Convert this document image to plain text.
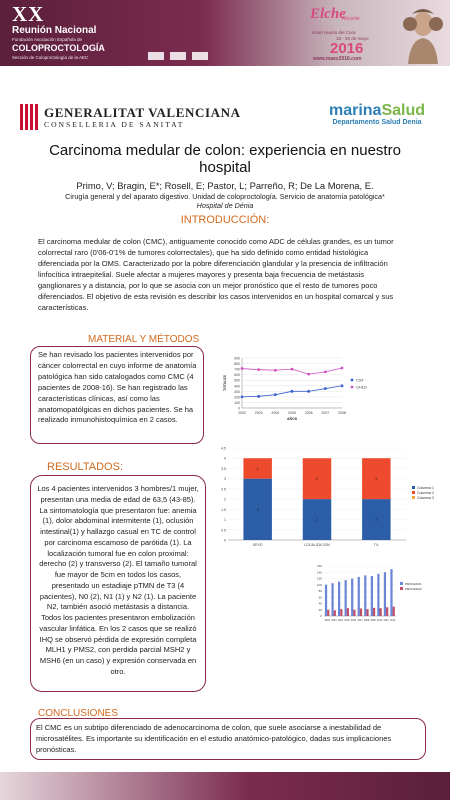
XX
Reunión Nacional
Fundación Asociación Española de
COLOPROCTOLOGÍA
Sección de Coloproctología de la AEC
Elche
Alicante
Hotel Huerto del Cura
18 - 20 de mayo
2016
www.maec2016.com
GENERALITAT VALENCIANA
CONSELLERIA DE SANITAT
marinaSalud
Departamento Salud Denia
Carcinoma medular de colon: experiencia en nuestro hospital
Primo, V; Bragin, E*; Rosell, E; Pastor, L; Parreño, R; De La Morena, E.
Cirugía general y del aparato digestivo. Unidad de coloproctología. Servicio de anatomía patológica*
Hospital de Dénia
INTRODUCCIÓN:
El carcinoma medular de colon (CMC), antiguamente conocido como ADC de células grandes, es un tumor colorrectal raro (0'06-0'1% de tumores colorrectales), que ha sido definido como entidad histológica diferenciada por la OMS. Caracterizado por la pobre diferenciación glandular y la presencia de infiltración linfocítica intraepitelial. Suele afectar a mujeres mayores y presenta baja frecuencia de metástasis ganglionares y a distancia, por lo que se asocia con un mejor pronóstico que el resto de tumores poco diferenciados. El objetivo de esta revisión es describir los casos intervenidos en un hospital comarcal y sus características.
MATERIAL Y MÉTODOS
Se han revisado los pacientes intervenidos por cáncer colorrectal en cuyo informe de anatomía patológica han sido catalogados como CMC (4 pacientes de 2008-16). Se han registrado las características clínicas, así como las anatomopatólgicas en dichos pacientes. Se ha realizado inmunohistoquímica en 2 casos.
0
100
200
300
400
500
600
700
800
900
2002	2003	2004	2005	2006	2007	2008
AÑOS
TOTALES	CST
CHLD
RESULTADOS:
Los 4 pacientes intervenidos 3 hombres/1 mujer, presentan una media de edad de 63,5 (43-85). La sintomatología que presentaron fue: anemia (1), dolor abdominal intermitente (1), oclusión intestinal(1) y hallazgo casual en TC de control por carcinoma escamoso de parótida (1). La localización tumoral fue en colon proximal: derecho (2) y transverso (2). El tamaño tumoral fue mayor de 5cm en todos los casos, presentado un estadiaje pTMN de T3 (4 pacientes), N0 (2), N1 (1) y N2 (1). La paciente N2, también asoció metástasis a distancia. Todos los pacientes presentaron embolización vascular linfática. En los 2 casos que se realizó IHQ se observó pérdida de expresión completa MLH1 y PMS2, con perdida parcial MSH2 y MSH6 (en un caso) y expresión conservada en otro.
0
0.5
1
1.5
2
2.5
3
3.5
4
4.5
3
1
SEXO
2
2
LOCALIZACION
2
2
T/L
Columna 1
Columna 2
Columna 3
0
20
40
60
80
100
120
140
160
2002 2003 2004 2005 2006 2007 2008 2009 2010 2011 2012
PROCESO1
PROCESO2
CONCLUSIONES
El CMC es un subtipo diferenciado de adenocarcinoma de colon, que suele asociarse a inestabilidad de microsatélites. Es importante su identificación en el estudio anatómico-patológico, dadas sus implicaciones pronósticas.
